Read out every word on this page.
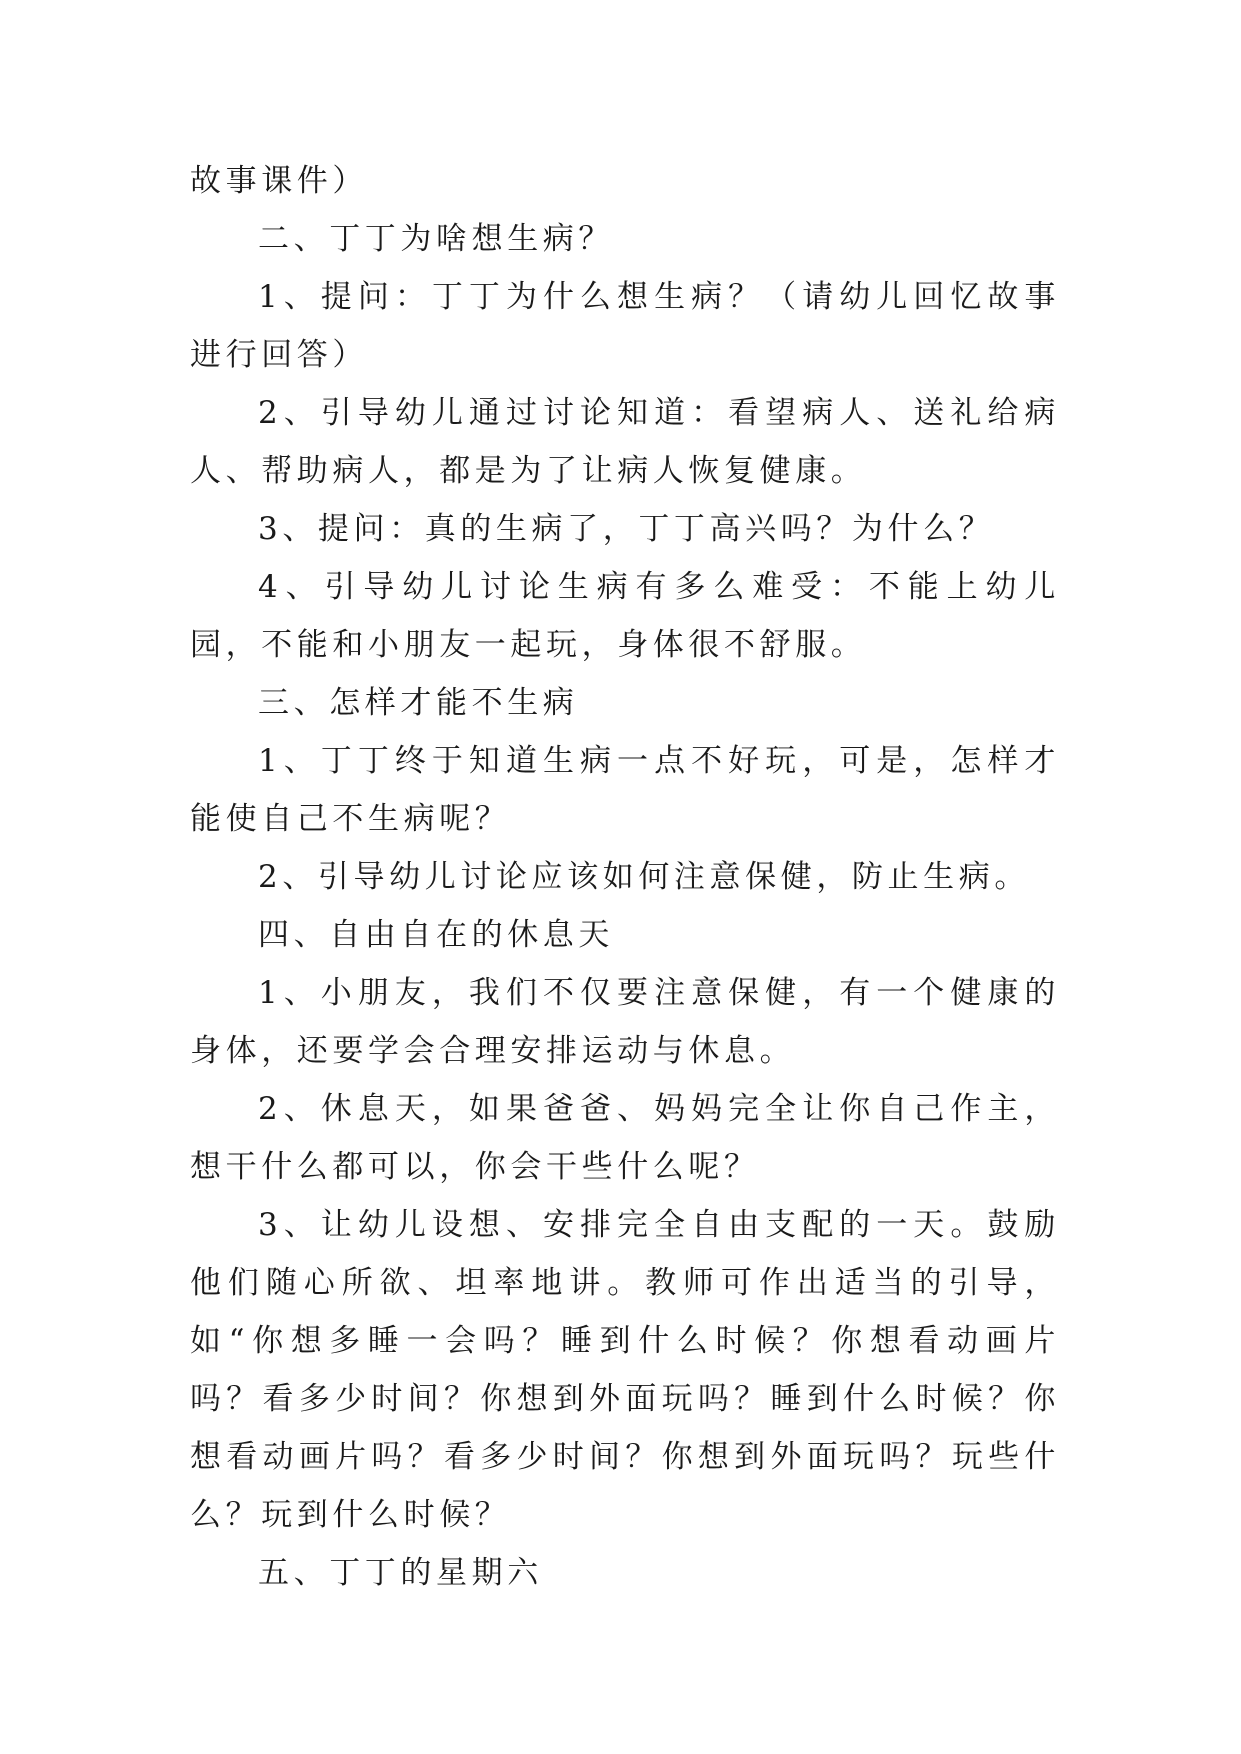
故事课件）

二、丁丁为啥想生病？

1、提问：丁丁为什么想生病？（请幼儿回忆故事进行回答）

2、引导幼儿通过讨论知道：看望病人、送礼给病人、帮助病人，都是为了让病人恢复健康。

3、提问：真的生病了，丁丁高兴吗？为什么？

4、引导幼儿讨论生病有多么难受：不能上幼儿园，不能和小朋友一起玩，身体很不舒服。

三、怎样才能不生病

1、丁丁终于知道生病一点不好玩，可是，怎样才能使自己不生病呢？

2、引导幼儿讨论应该如何注意保健，防止生病。

四、自由自在的休息天

1、小朋友，我们不仅要注意保健，有一个健康的身体，还要学会合理安排运动与休息。

2、休息天，如果爸爸、妈妈完全让你自己作主，想干什么都可以，你会干些什么呢？

3、让幼儿设想、安排完全自由支配的一天。鼓励他们随心所欲、坦率地讲。教师可作出适当的引导，如“你想多睡一会吗？睡到什么时候？你想看动画片吗？看多少时间？你想到外面玩吗？睡到什么时候？你想看动画片吗？看多少时间？你想到外面玩吗？玩些什么？玩到什么时候？

五、丁丁的星期六
